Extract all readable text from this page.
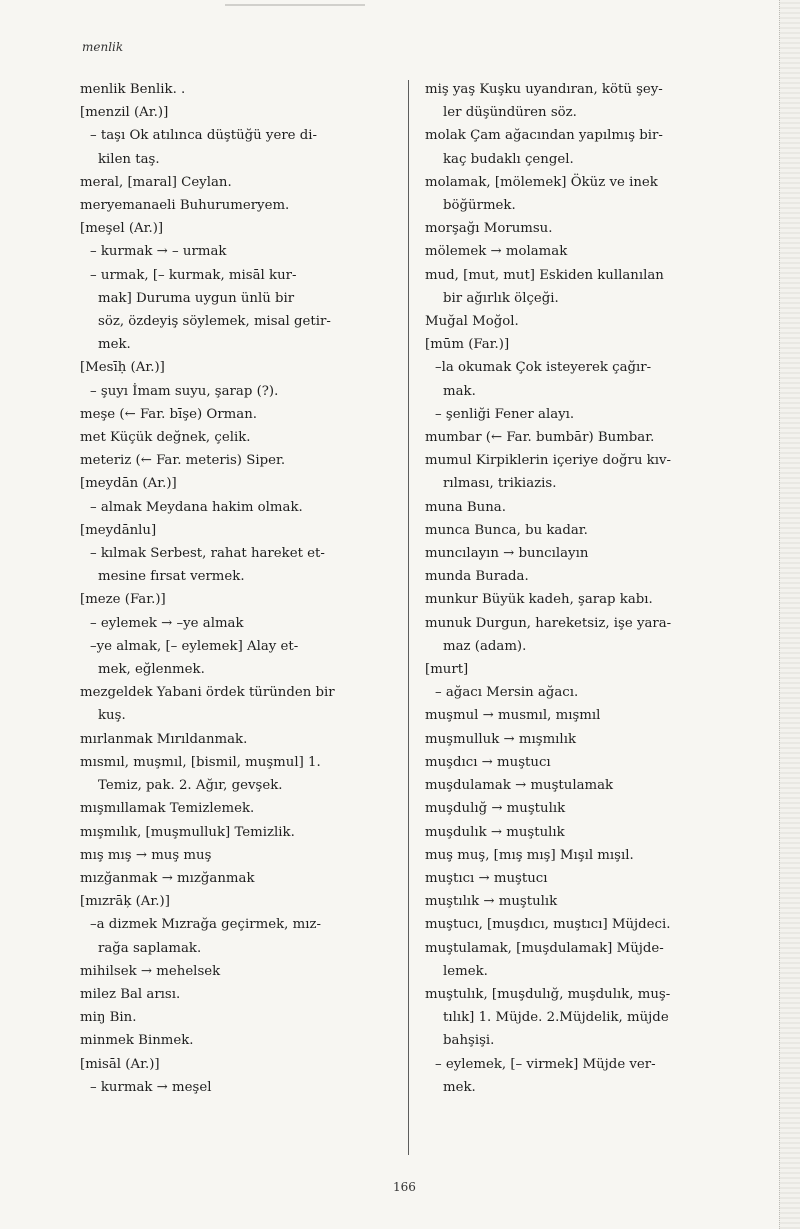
menlik
menlik Benlik. .
[menzil (Ar.)]
– taşı Ok atılınca düştüğü yere di-
kilen taş.
meral, [maral] Ceylan.
meryemanaeli Buhurumeryem.
[meşel (Ar.)]
– kurmak → – urmak
– urmak, [– kurmak, misāl kur-
mak] Duruma uygun ünlü bir
söz, özdeyiş söylemek, misal getir-
mek.
[Mesīḥ (Ar.)]
– şuyı İmam suyu, şarap (?).
meşe (← Far. bīşe) Orman.
met Küçük değnek, çelik.
meteriz (← Far. meteris) Siper.
[meydān (Ar.)]
– almak Meydana hakim olmak.
[meydānlu]
– kılmak Serbest, rahat hareket et-
mesine fırsat vermek.
[meze (Far.)]
– eylemek → –ye almak
–ye almak, [– eylemek] Alay et-
mek, eğlenmek.
mezgeldek Yabani ördek türünden bir
kuş.
mırlanmak Mırıldanmak.
mısmıl, muşmıl, [bismil, muşmul] 1.
Temiz, pak. 2. Ağır, gevşek.
mışmıllamak Temizlemek.
mışmılık, [muşmulluk] Temizlik.
mış mış → muş muş
mızğanmak → mızğanmak
[mızrāķ (Ar.)]
–a dizmek Mızrağa geçirmek, mız-
rağa saplamak.
mihilsek → mehelsek
milez Bal arısı.
miŋ Bin.
minmek Binmek.
[misāl (Ar.)]
– kurmak → meşel
miş yaş Kuşku uyandıran, kötü şey-
ler düşündüren söz.
molak Çam ağacından yapılmış bir-
kaç budaklı çengel.
molamak, [mölemek] Öküz ve inek
böğürmek.
morşağı Morumsu.
mölemek → molamak
mud, [mut, mut] Eskiden kullanılan
bir ağırlık ölçeği.
Muğal Moğol.
[mūm (Far.)]
–la okumak Çok isteyerek çağır-
mak.
– şenliği Fener alayı.
mumbar (← Far. bumbār) Bumbar.
mumul Kirpiklerin içeriye doğru kıv-
rılması, trikiazis.
muna Buna.
munca Bunca, bu kadar.
muncılayın → buncılayın
munda Burada.
munkur Büyük kadeh, şarap kabı.
munuk Durgun, hareketsiz, işe yara-
maz (adam).
[murt]
– ağacı Mersin ağacı.
muşmul → musmıl, mışmıl
muşmulluk → mışmılık
muşdıcı → muştucı
muşdulamak → muştulamak
muşdulığ → muştulık
muşdulık → muştulık
muş muş, [mış mış] Mışıl mışıl.
muştıcı → muştucı
muştılık → muştulık
muştucı, [muşdıcı, muştıcı] Müjdeci.
muştulamak, [muşdulamak] Müjde-
lemek.
muştulık, [muşdulığ, muşdulık, muş-
tılık] 1. Müjde. 2.Müjdelik, müjde
bahşişi.
– eylemek, [– virmek] Müjde ver-
mek.
166
